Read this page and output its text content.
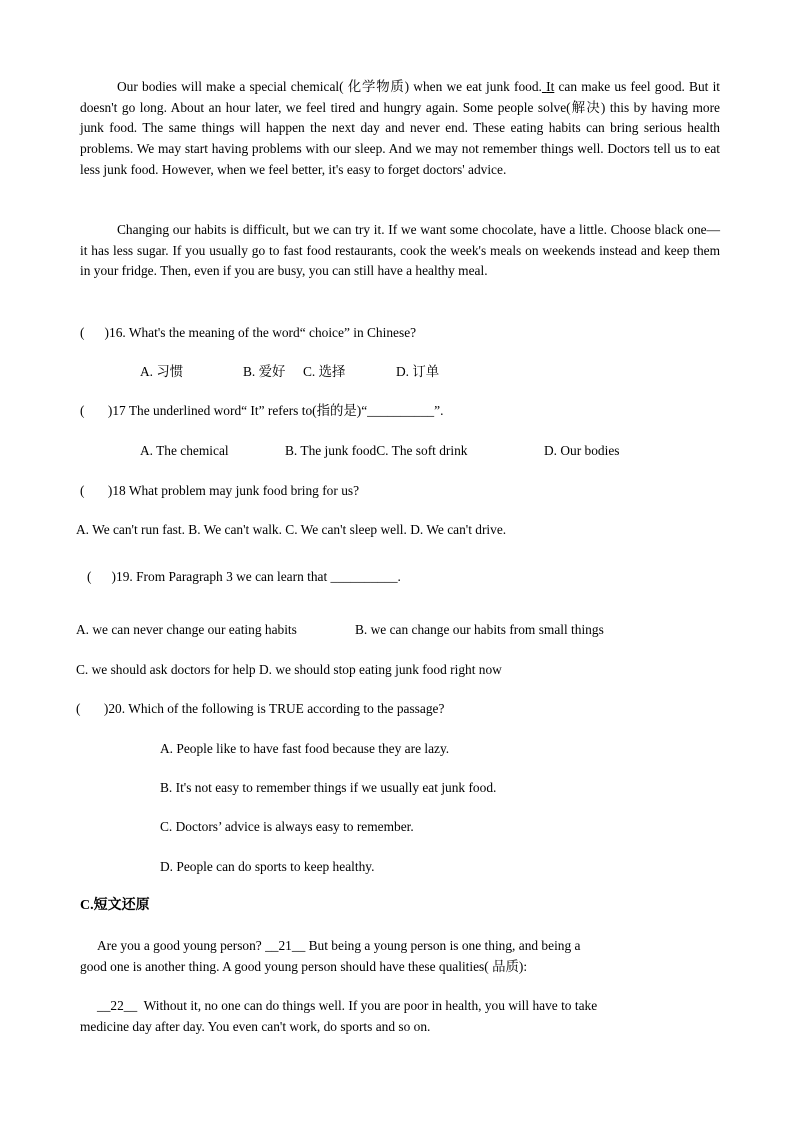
Our bodies will make a special chemical( 化学物质) when we eat junk food. It can make us feel good. But it doesn't go long. About an hour later, we feel tired and hungry again. Some people solve(解决) this by having more junk food. The same things will happen the next day and never end. These eating habits can bring serious health problems. We may start having problems with our sleep. And we may not remember things well. Doctors tell us to eat less junk food. However, when we feel better, it's easy to forget doctors' advice.
Changing our habits is difficult, but we can try it. If we want some chocolate, have a little. Choose black one— it has less sugar. If you usually go to fast food restaurants, cook the week's meals on weekends instead and keep them in your fridge. Then, even if you are busy, you can still have a healthy meal.
(      )16. What's the meaning of the word“ choice” in Chinese?
A. 习惯	B. 爱好 C. 选择	D. 订单
(       )17 The underlined word“ It” refers to(指的是)“__________”.
A. The chemical	B. The junk foodC. The soft drink	D. Our bodies
(       )18 What problem may junk food bring for us?
A. We can't run fast. B. We can't walk. C. We can't sleep well. D. We can't drive.
(      )19. From Paragraph 3 we can learn that __________.
A. we can never change our eating habits	B. we can change our habits from small things
C. we should ask doctors for help D. we should stop eating junk food right now
(       )20. Which of the following is TRUE according to the passage?
A. People like to have fast food because they are lazy.
B. It's not easy to remember things if we usually eat junk food.
C. Doctors’ advice is always easy to remember.
D. People can do sports to keep healthy.
C.短文还原
Are you a good young person? __21__ But being a young person is one thing, and being a
good one is another thing. A good young person should have these qualities( 品质):
__22__  Without it, no one can do things well. If you are poor in health, you will have to take
medicine day after day. You even can't work, do sports and so on.
